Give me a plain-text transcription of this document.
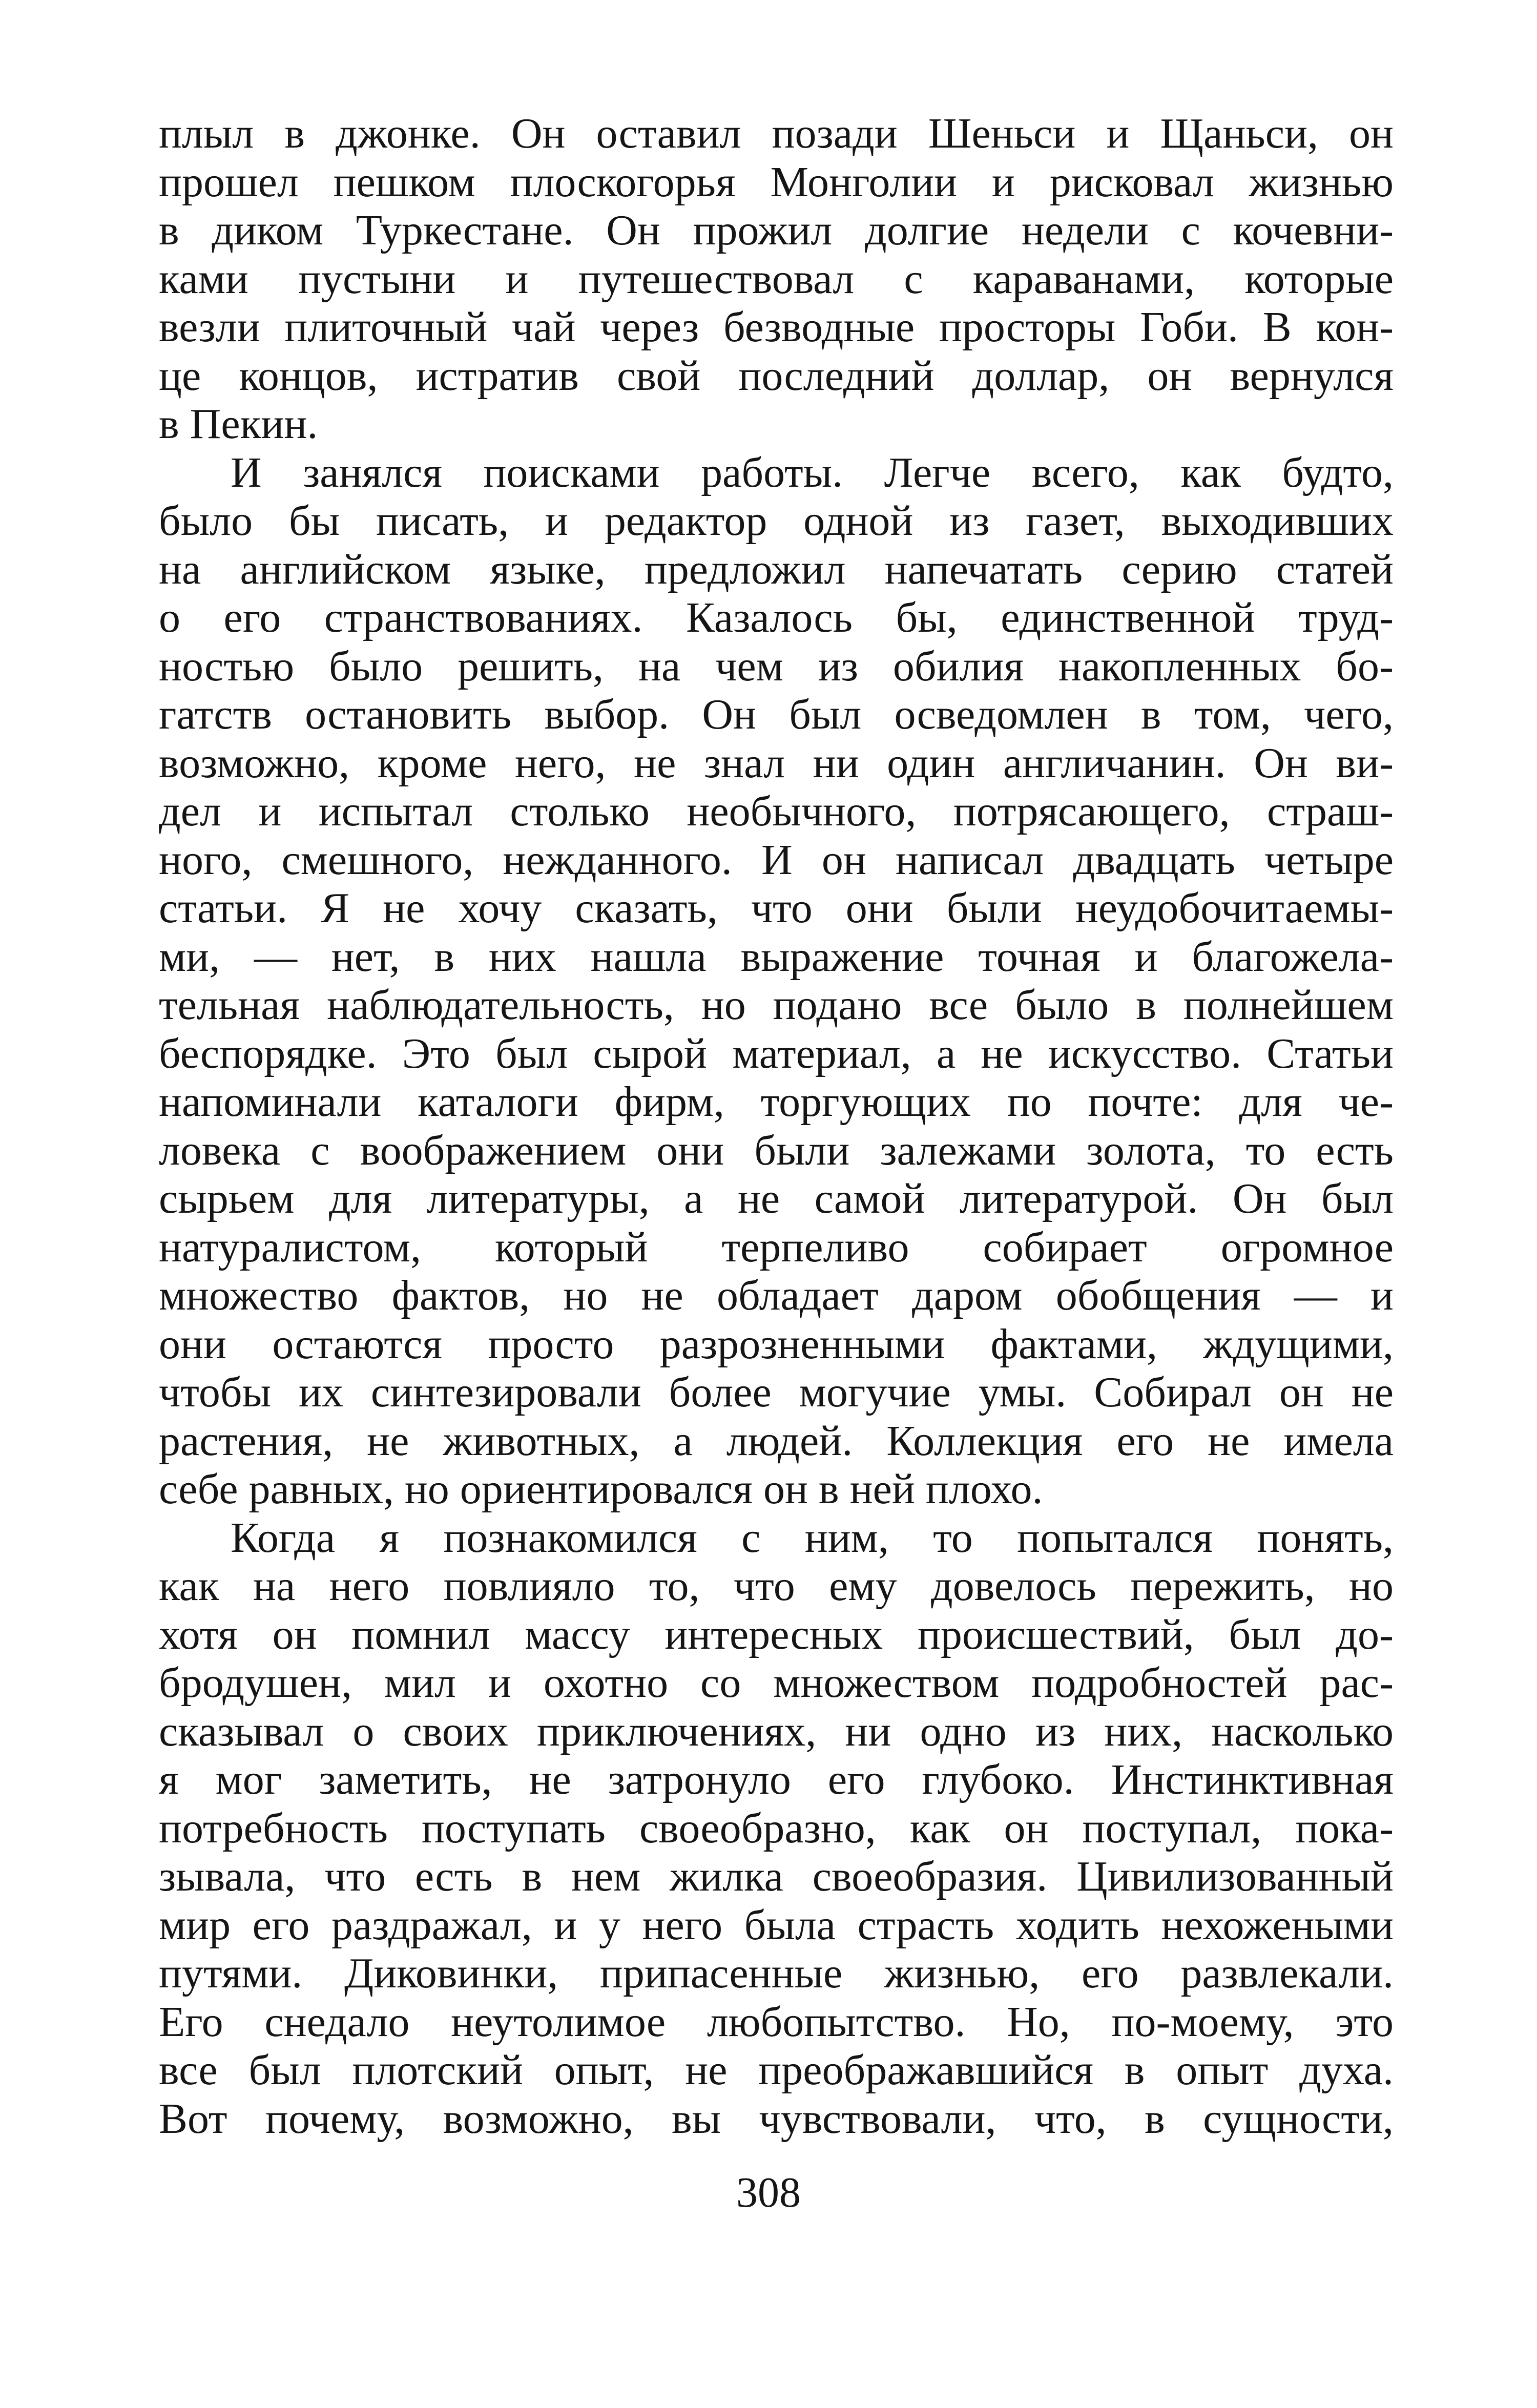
плыл в джонке. Он оставил позади Шеньси и Щаньси, он
прошел пешком плоскогорья Монголии и рисковал жизнью
в диком Туркестане. Он прожил долгие недели с кочевни-
ками пустыни и путешествовал с караванами, которые
везли плиточный чай через безводные просторы Гоби. В кон-
це концов, истратив свой последний доллар, он вернулся
в Пекин.
И занялся поисками работы. Легче всего, как будто,
было бы писать, и редактор одной из газет, выходивших
на английском языке, предложил напечатать серию статей
о его странствованиях. Казалось бы, единственной труд-
ностью было решить, на чем из обилия накопленных бо-
гатств остановить выбор. Он был осведомлен в том, чего,
возможно, кроме него, не знал ни один англичанин. Он ви-
дел и испытал столько необычного, потрясающего, страш-
ного, смешного, нежданного. И он написал двадцать четыре
статьи. Я не хочу сказать, что они были неудобочитаемы-
ми, — нет, в них нашла выражение точная и благожела-
тельная наблюдательность, но подано все было в полнейшем
беспорядке. Это был сырой материал, а не искусство. Статьи
напоминали каталоги фирм, торгующих по почте: для че-
ловека с воображением они были залежами золота, то есть
сырьем для литературы, а не самой литературой. Он был
натуралистом, который терпеливо собирает огромное
множество фактов, но не обладает даром обобщения — и
они остаются просто разрозненными фактами, ждущими,
чтобы их синтезировали более могучие умы. Собирал он не
растения, не животных, а людей. Коллекция его не имела
себе равных, но ориентировался он в ней плохо.
Когда я познакомился с ним, то попытался понять,
как на него повлияло то, что ему довелось пережить, но
хотя он помнил массу интересных происшествий, был до-
бродушен, мил и охотно со множеством подробностей рас-
сказывал о своих приключениях, ни одно из них, насколько
я мог заметить, не затронуло его глубоко. Инстинктивная
потребность поступать своеобразно, как он поступал, пока-
зывала, что есть в нем жилка своеобразия. Цивилизованный
мир его раздражал, и у него была страсть ходить нехожеными
путями. Диковинки, припасенные жизнью, его развлекали.
Его снедало неутолимое любопытство. Но, по-моему, это
все был плотский опыт, не преображавшийся в опыт духа.
Вот почему, возможно, вы чувствовали, что, в сущности,
308
